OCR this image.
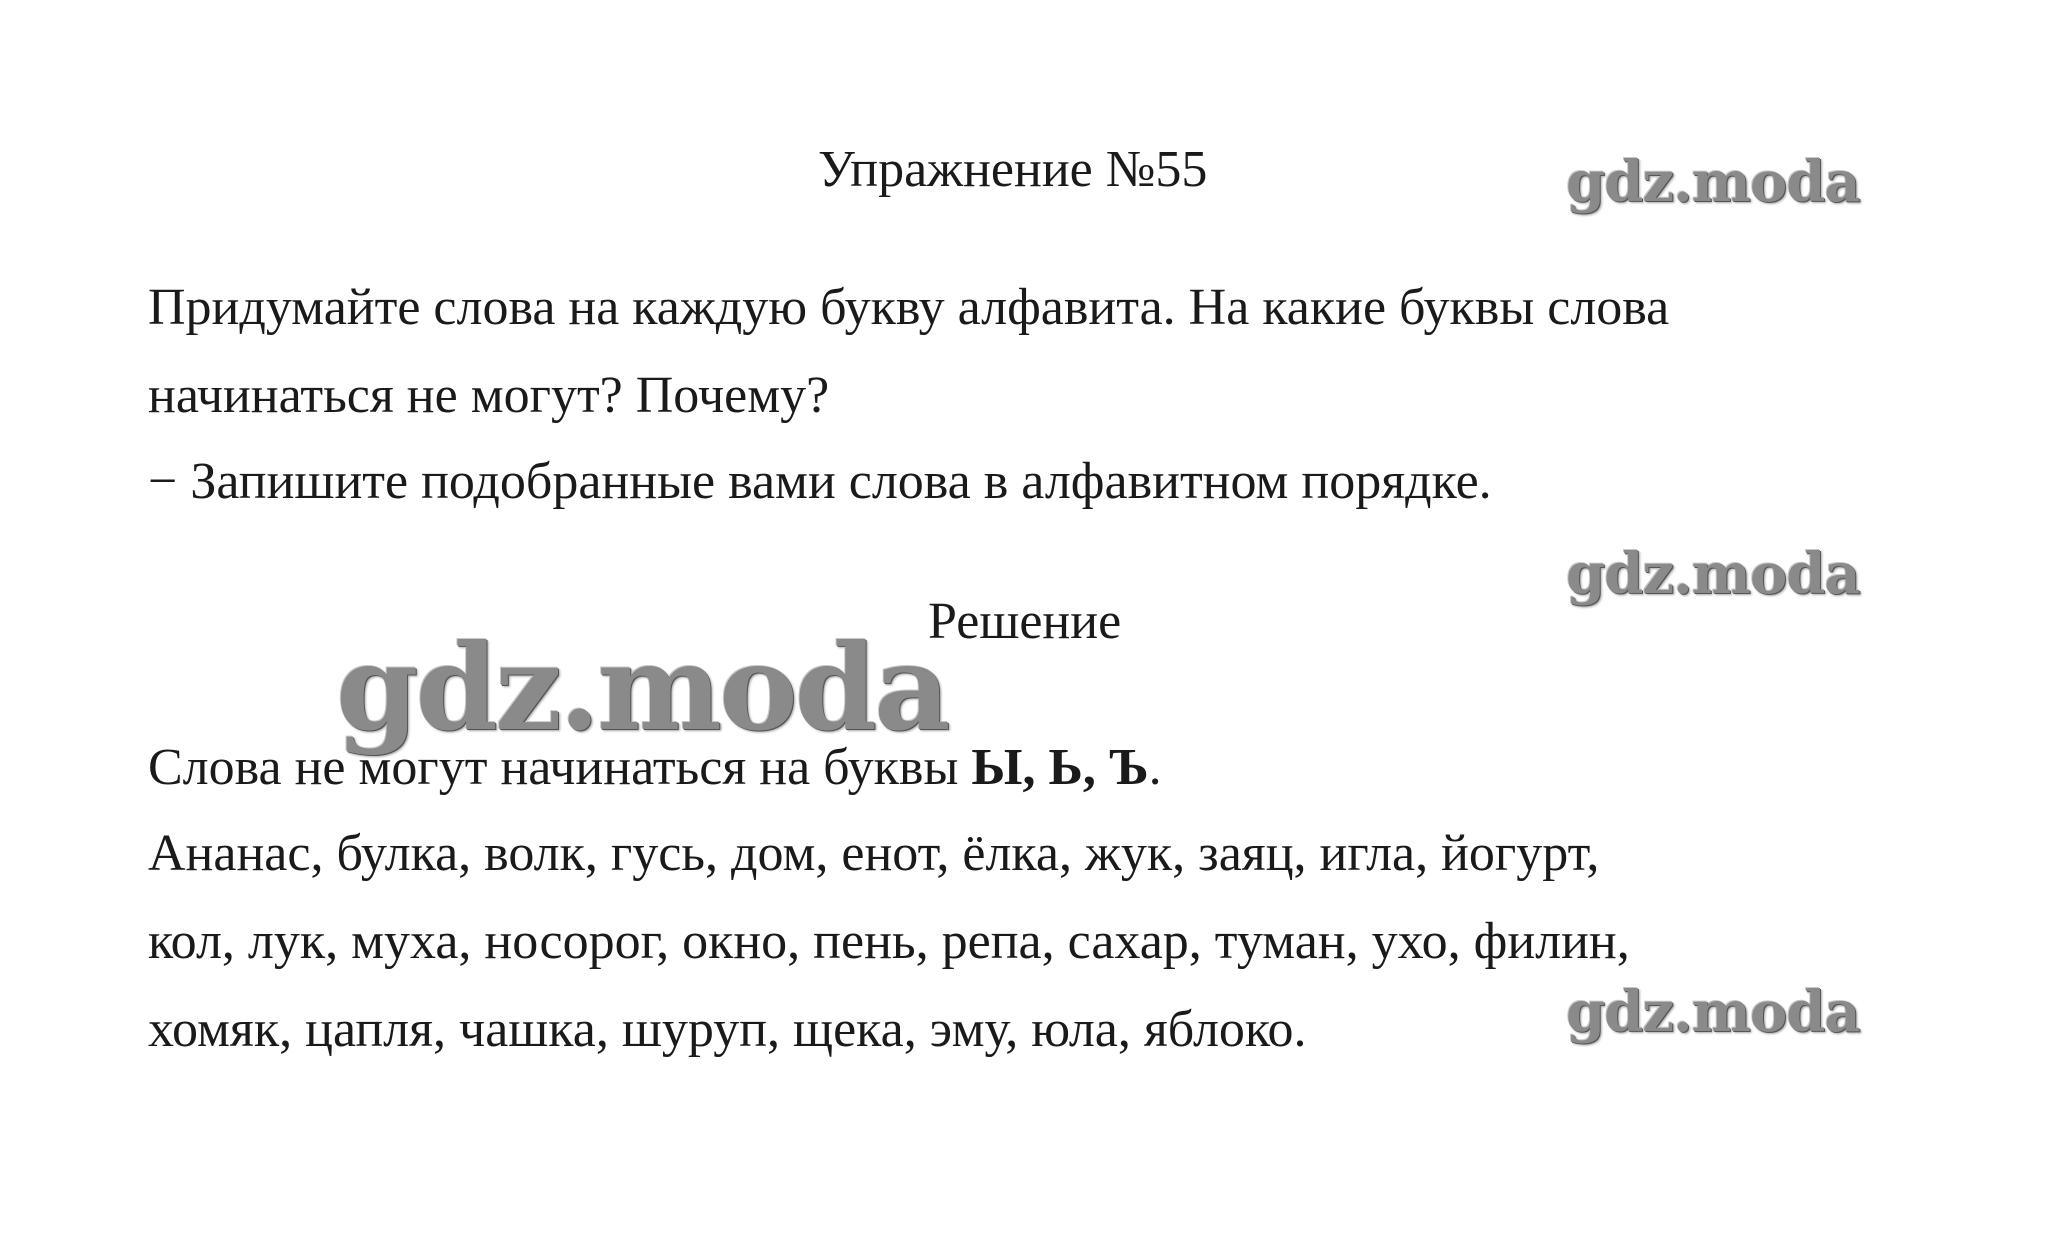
Упражнение №55	gdz.moda
Придумайте слова на каждую букву алфавита. На какие буквы слова
начинаться не могут? Почему?
− Запишите подобранные вами слова в алфавитном порядке.
gdz.moda
Решение
gdz.moda
Слова не могут начинаться на буквы Ы, Ь, Ъ.
Ананас, булка, волк, гусь, дом, енот, ёлка, жук, заяц, игла, йогурт,
кол, лук, муха, носорог, окно, пень, репа, сахар, туман, ухо, филин,
хомяк, цапля, чашка, шуруп, щека, эму, юла, яблоко.	gdz.moda
